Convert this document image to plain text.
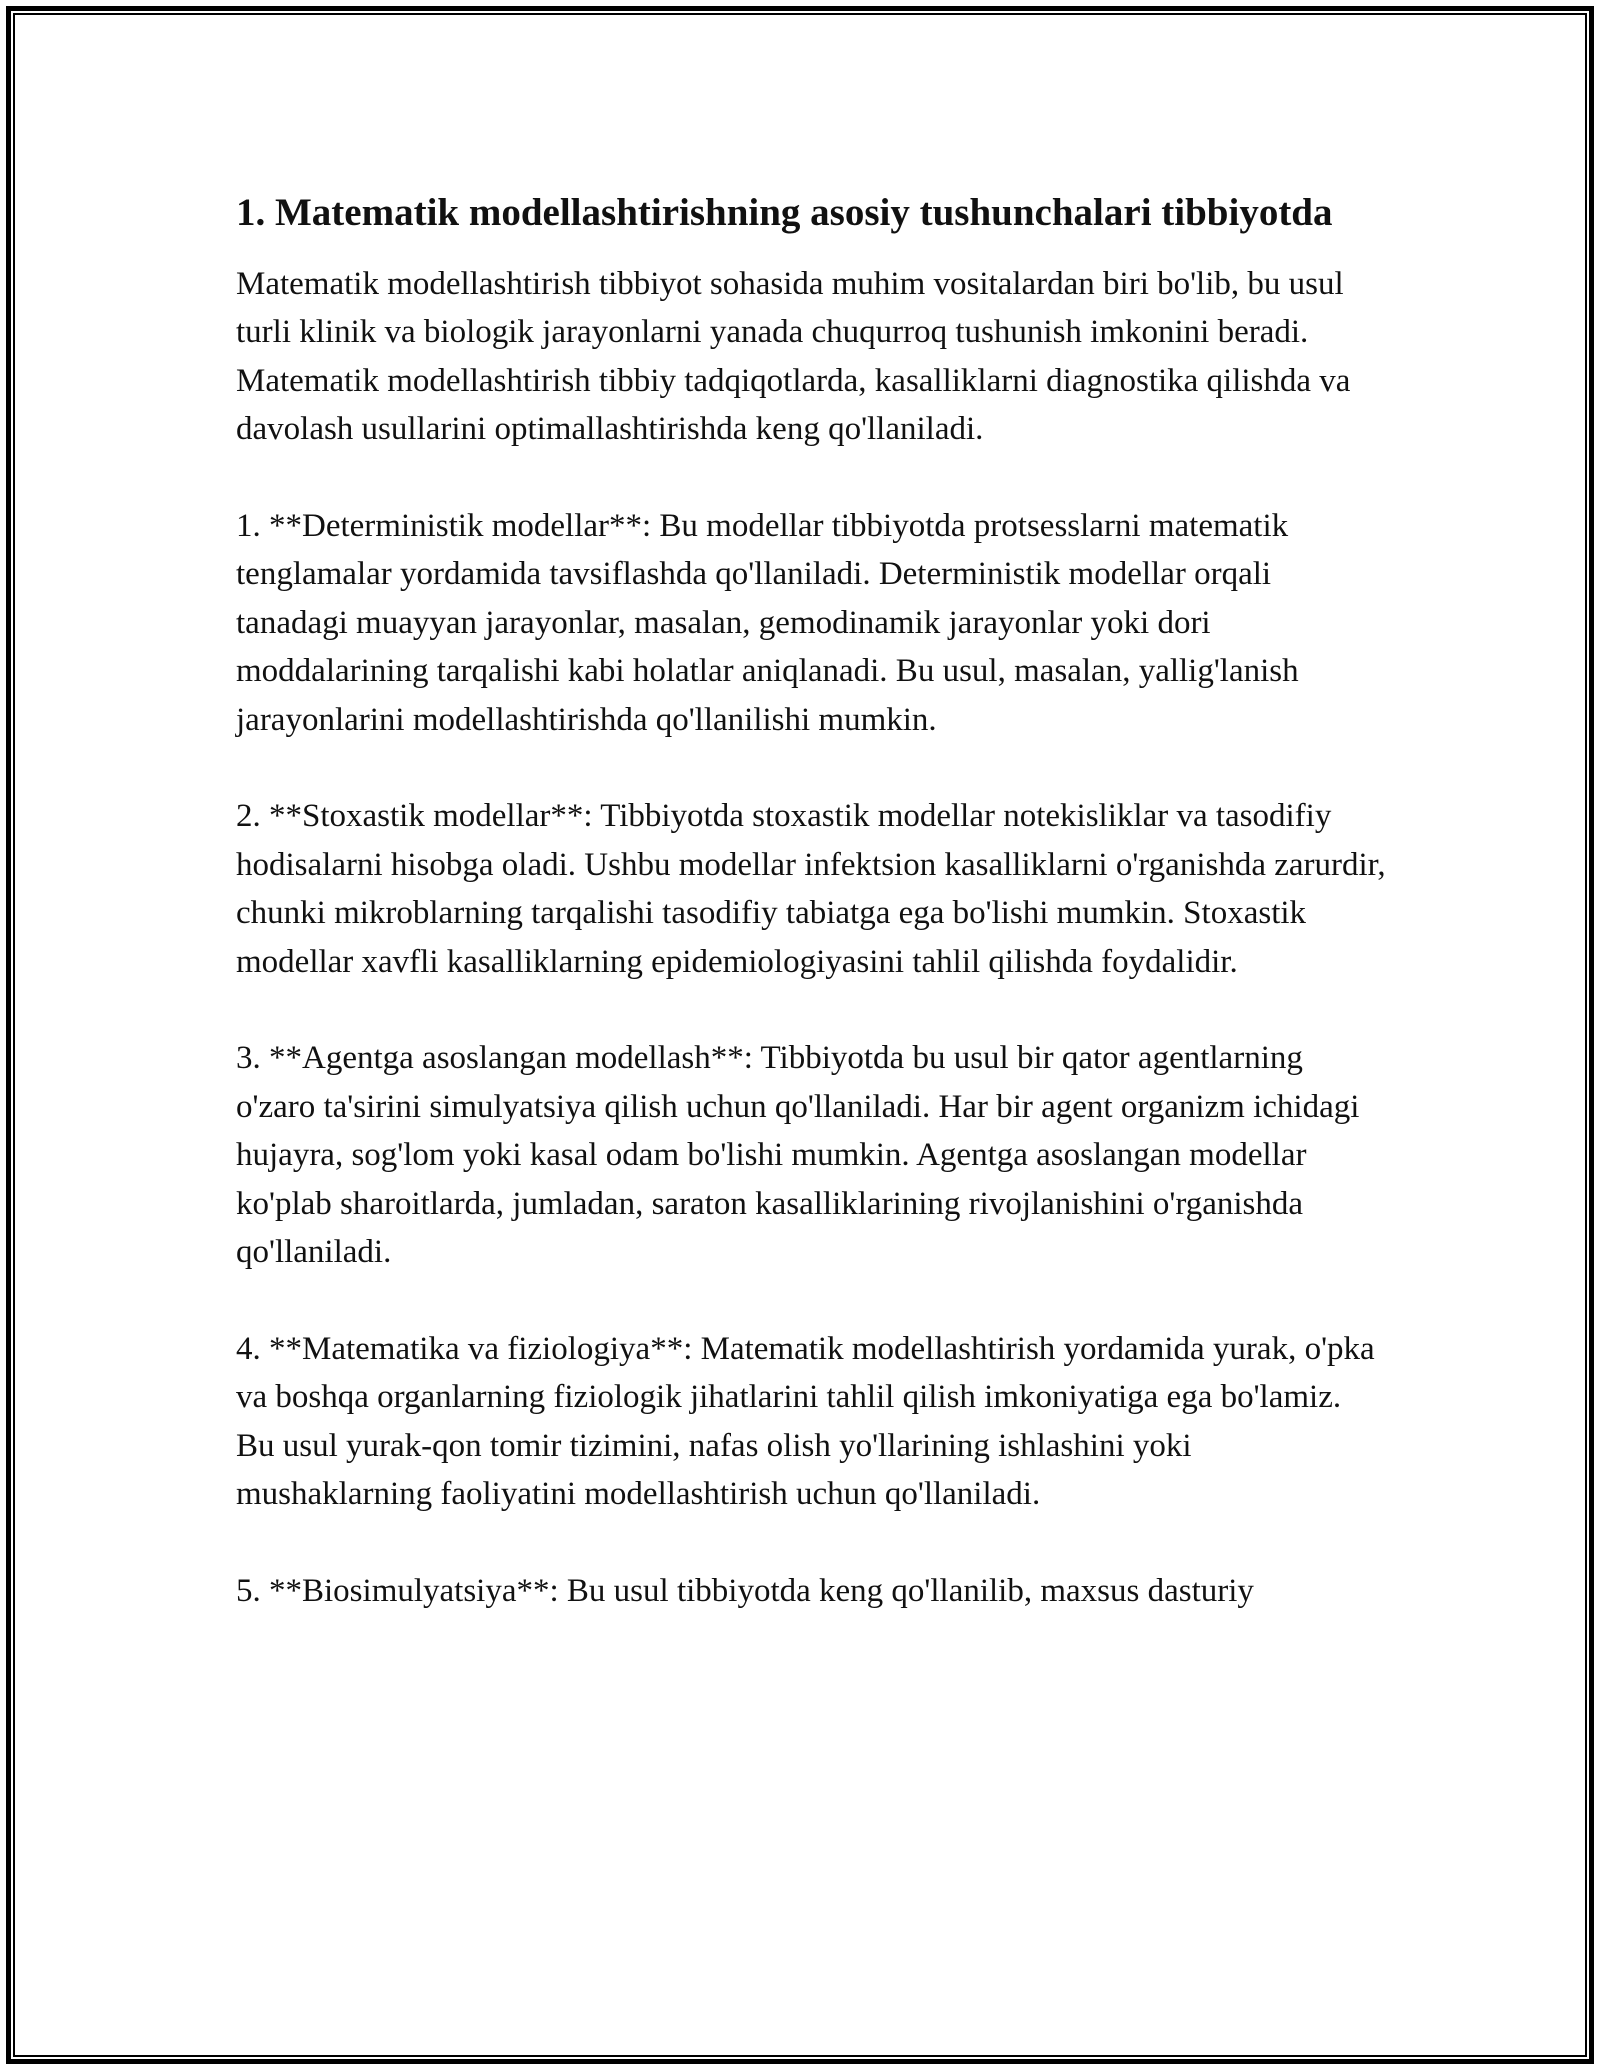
1. Matematik modellashtirishning asosiy tushunchalari tibbiyotda

Matematik modellashtirish tibbiyot sohasida muhim vositalardan biri bo'lib, bu usul turli klinik va biologik jarayonlarni yanada chuqurroq tushunish imkonini beradi. Matematik modellashtirish tibbiy tadqiqotlarda, kasalliklarni diagnostika qilishda va davolash usullarini optimallashtirishda keng qo'llaniladi.

1. **Deterministik modellar**: Bu modellar tibbiyotda protsesslarni matematik tenglamalar yordamida tavsiflashda qo'llaniladi. Deterministik modellar orqali tanadagi muayyan jarayonlar, masalan, gemodinamik jarayonlar yoki dori moddalarining tarqalishi kabi holatlar aniqlanadi. Bu usul, masalan, yallig'lanish jarayonlarini modellashtirishda qo'llanilishi mumkin.

2. **Stoxastik modellar**: Tibbiyotda stoxastik modellar notekisliklar va tasodifiy hodisalarni hisobga oladi. Ushbu modellar infektsion kasalliklarni o'rganishda zarurdir, chunki mikroblarning tarqalishi tasodifiy tabiatga ega bo'lishi mumkin. Stoxastik modellar xavfli kasalliklarning epidemiologiyasini tahlil qilishda foydalidir.

3. **Agentga asoslangan modellash**: Tibbiyotda bu usul bir qator agentlarning o'zaro ta'sirini simulyatsiya qilish uchun qo'llaniladi. Har bir agent organizm ichidagi hujayra, sog'lom yoki kasal odam bo'lishi mumkin. Agentga asoslangan modellar ko'plab sharoitlarda, jumladan, saraton kasalliklarining rivojlanishini o'rganishda qo'llaniladi.

4. **Matematika va fiziologiya**: Matematik modellashtirish yordamida yurak, o'pka va boshqa organlarning fiziologik jihatlarini tahlil qilish imkoniyatiga ega bo'lamiz. Bu usul yurak-qon tomir tizimini, nafas olish yo'llarining ishlashini yoki mushaklarning faoliyatini modellashtirish uchun qo'llaniladi.

5. **Biosimulyatsiya**: Bu usul tibbiyotda keng qo'llanilib, maxsus dasturiy
